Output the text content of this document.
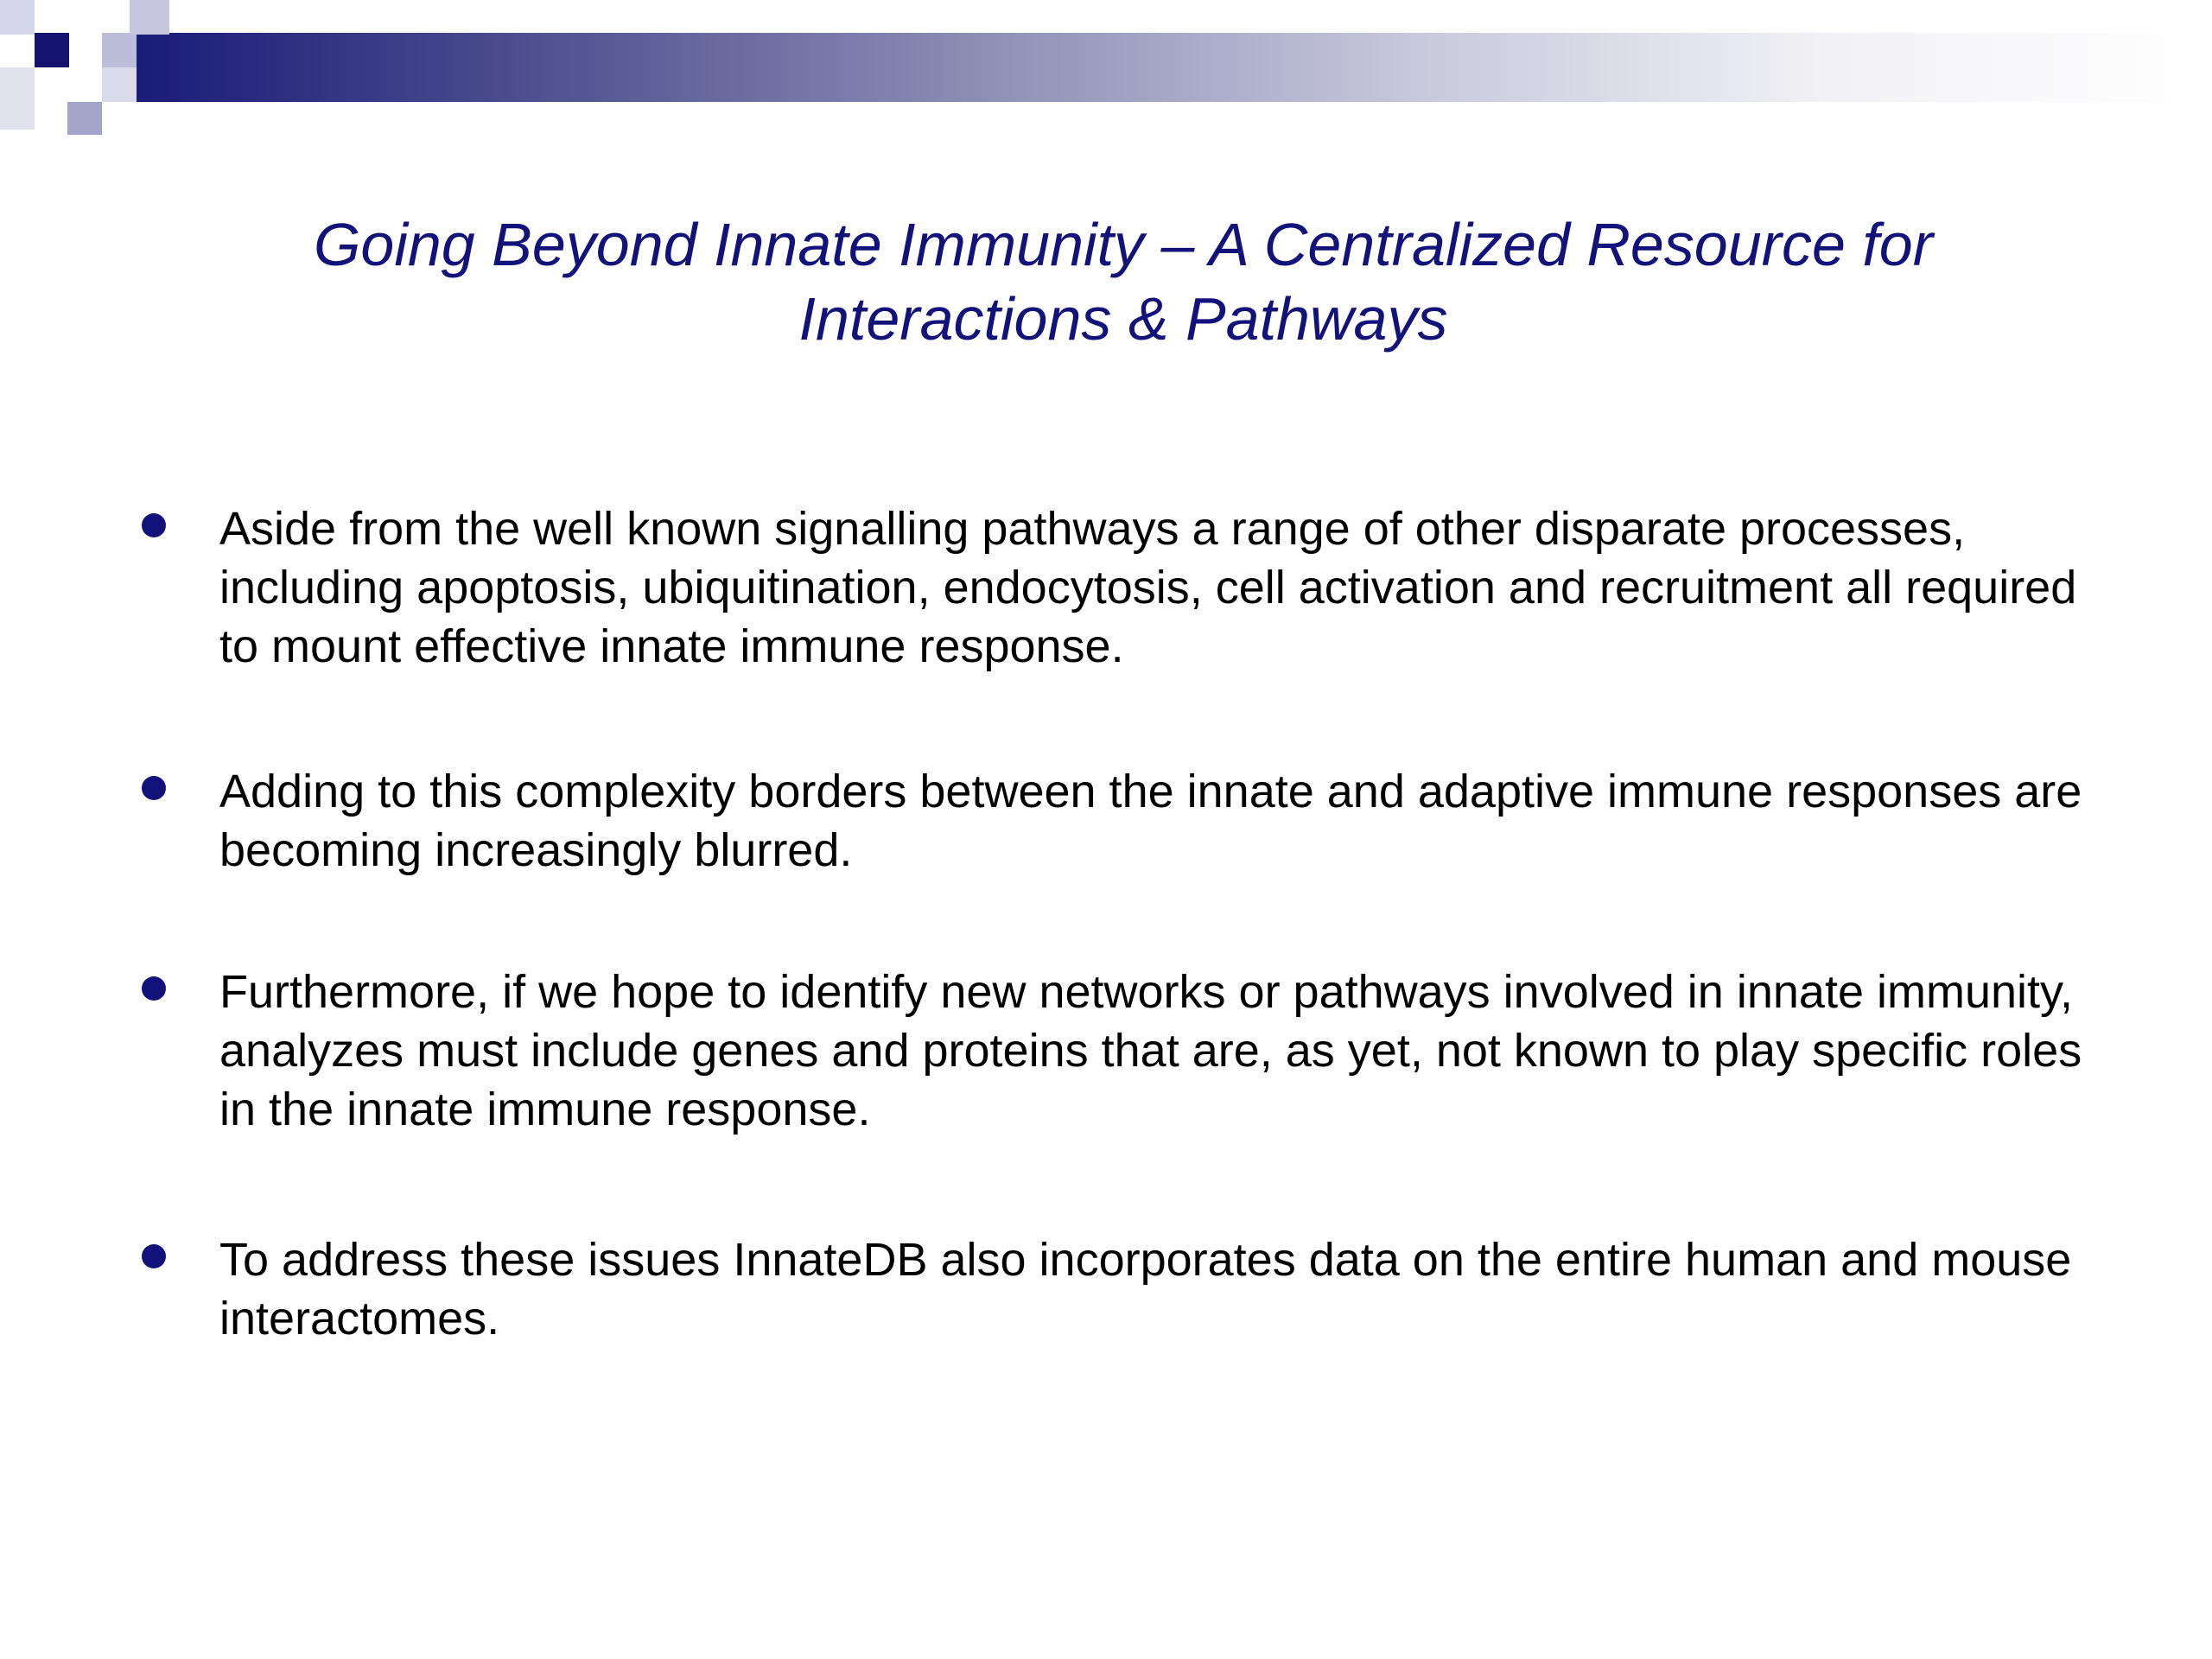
Going Beyond Innate Immunity – A Centralized Resource for Interactions & Pathways

Aside from the well known signalling pathways a range of other disparate processes, including apoptosis, ubiquitination, endocytosis, cell activation and recruitment all required to mount effective innate immune response.

Adding to this complexity borders between the innate and adaptive immune responses are becoming increasingly blurred.

Furthermore, if we hope to identify new networks or pathways involved in innate immunity, analyzes must include genes and proteins that are, as yet, not known to play specific roles in the innate immune response.

To address these issues InnateDB also incorporates data on the entire human and mouse interactomes.
